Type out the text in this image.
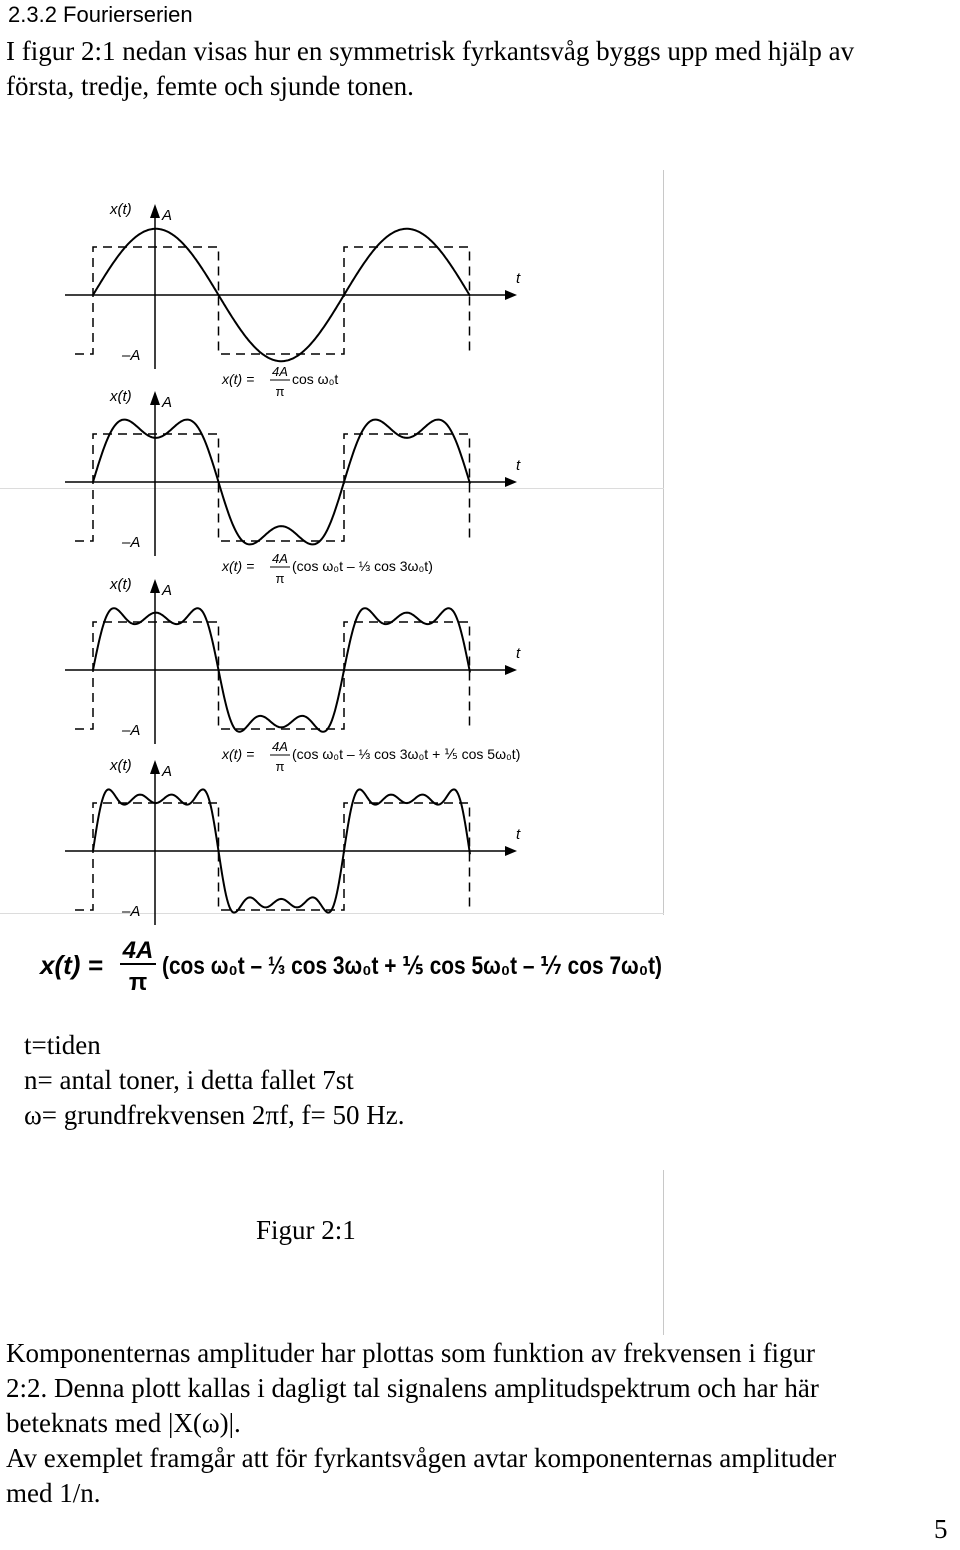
2.3.2 Fourierserien
I figur 2:1 nedan visas hur en symmetrisk fyrkantsvåg byggs upp med hjälp av
första, tredje, femte och sjunde tonen.
x(t) A
–A
t
x(t) = 4A
π
cos ω₀t
x(t) A
–A
t
x(t) = 4A
π
(cos ω₀t – ⅓ cos 3ω₀t)
x(t) A
–A
t
x(t) = 4A
π
(cos ω₀t – ⅓ cos 3ω₀t + ⅕ cos 5ω₀t)
x(t) A
–A
t
x(t) = 4A
π
(cos ω₀t – ⅓ cos 3ω₀t + ⅕ cos 5ω₀t – ⅐ cos 7ω₀t)
t=tiden
n= antal toner, i detta fallet 7st
ω= grundfrekvensen 2πf, f= 50 Hz.
Figur 2:1
Komponenternas amplituder har plottas som funktion av frekvensen i figur
2:2. Denna plott kallas i dagligt tal signalens amplitudspektrum och har här
beteknats med |X(ω)|.
Av exemplet framgår att för fyrkantsvågen avtar komponenternas amplituder
med 1/n.
5
